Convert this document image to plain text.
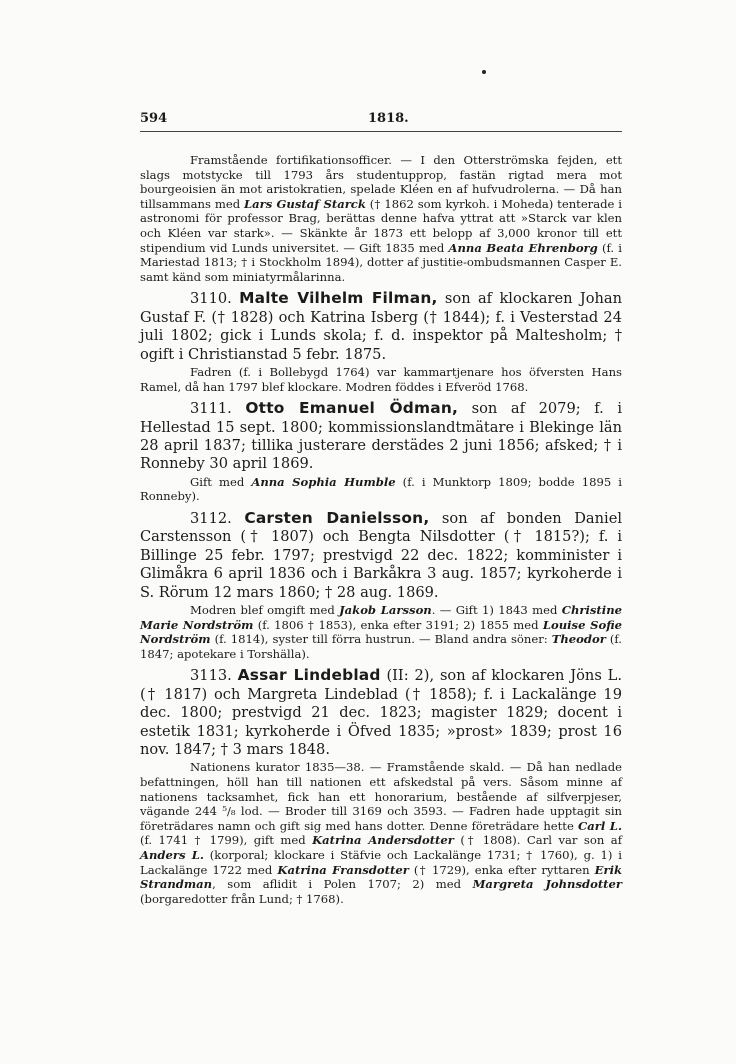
594	1818.

Framstående fortifikationsofficer. — I den Otterströmska fejden, ett slags motstycke till 1793 års studentupprор, fastän rigtad mera mot bourgeoisien än mot aristokratien, spelade Kléen en af hufvudrolerna. — Då han tillsammans med Lars Gustaf Starck († 1862 som kyrkoh. i Moheda) tenterade i astronomi för professor Brag, berättas denne hafva yttrat att »Starck var klen och Kléen var stark». — Skänkte år 1873 ett belopp af 3,000 kronor till ett stipendium vid Lunds universitet. — Gift 1835 med Anna Beata Ehrenborg (f. i Mariestad 1813; † i Stockholm 1894), dotter af justitie-ombudsmannen Casper E. samt känd som miniatyrmålarinna.

3110. Malte Vilhelm Filman, son af klockaren Johan Gustaf F. († 1828) och Katrina Isberg († 1844); f. i Vesterstad 24 juli 1802; gick i Lunds skola; f. d. inspektor på Maltesholm; † ogift i Christianstad 5 febr. 1875.

Fadren (f. i Bollebygd 1764) var kammartjenare hos öfversten Hans Ramel, då han 1797 blef klockare. Modren föddes i Efveröd 1768.

3111. Otto Emanuel Ödman, son af 2079; f. i Hellestad 15 sept. 1800; kommissionslandtmätare i Blekinge län 28 april 1837; tillika justerare derstädes 2 juni 1856; afsked; † i Ronneby 30 april 1869.

Gift med Anna Sophia Humble (f. i Munktorp 1809; bodde 1895 i Ronneby).

3112. Carsten Danielsson, son af bonden Daniel Carstensson († 1807) och Bengta Nilsdotter († 1815?); f. i Billinge 25 febr. 1797; prestvigd 22 dec. 1822; komminister i Glimåkra 6 april 1836 och i Barkåkra 3 aug. 1857; kyrkoherde i S. Rörum 12 mars 1860; † 28 aug. 1869.

Modren blef omgift med Jakob Larsson. — Gift 1) 1843 med Christine Marie Nordström (f. 1806 † 1853), enka efter 3191; 2) 1855 med Louise Sofie Nordström (f. 1814), syster till förra hustrun. — Bland andra söner: Theodor (f. 1847; apotekare i Torshälla).

3113. Assar Lindeblad (II: 2), son af klockaren Jöns L. († 1817) och Margreta Lindeblad († 1858); f. i Lackalänge 19 dec. 1800; prestvigd 21 dec. 1823; magister 1829; docent i estetik 1831; kyrkoherde i Öfved 1835; »prost» 1839; prost 16 nov. 1847; † 3 mars 1848.

Nationens kurator 1835—38. — Framstående skald. — Då han nedlade befattningen, höll han till nationen ett afskedstal på vers. Såsom minne af nationens tacksamhet, fick han ett honorarium, bestående af silfverpjeser, vägande 244 ⁵/₈ lod. — Broder till 3169 och 3593. — Fadren hade upptagit sin företrädares namn och gift sig med hans dotter. Denne företrädare hette Carl L. (f. 1741 † 1799), gift med Katrina Andersdotter († 1808). Carl var son af Anders L. (korporal; klockare i Stäfvie och Lackalänge 1731; † 1760), g. 1) i Lackalänge 1722 med Katrina Fransdotter († 1729), enka efter ryttaren Erik Strandman, som aflidit i Polen 1707; 2) med Margreta Johnsdotter (borgaredotter från Lund; † 1768).
